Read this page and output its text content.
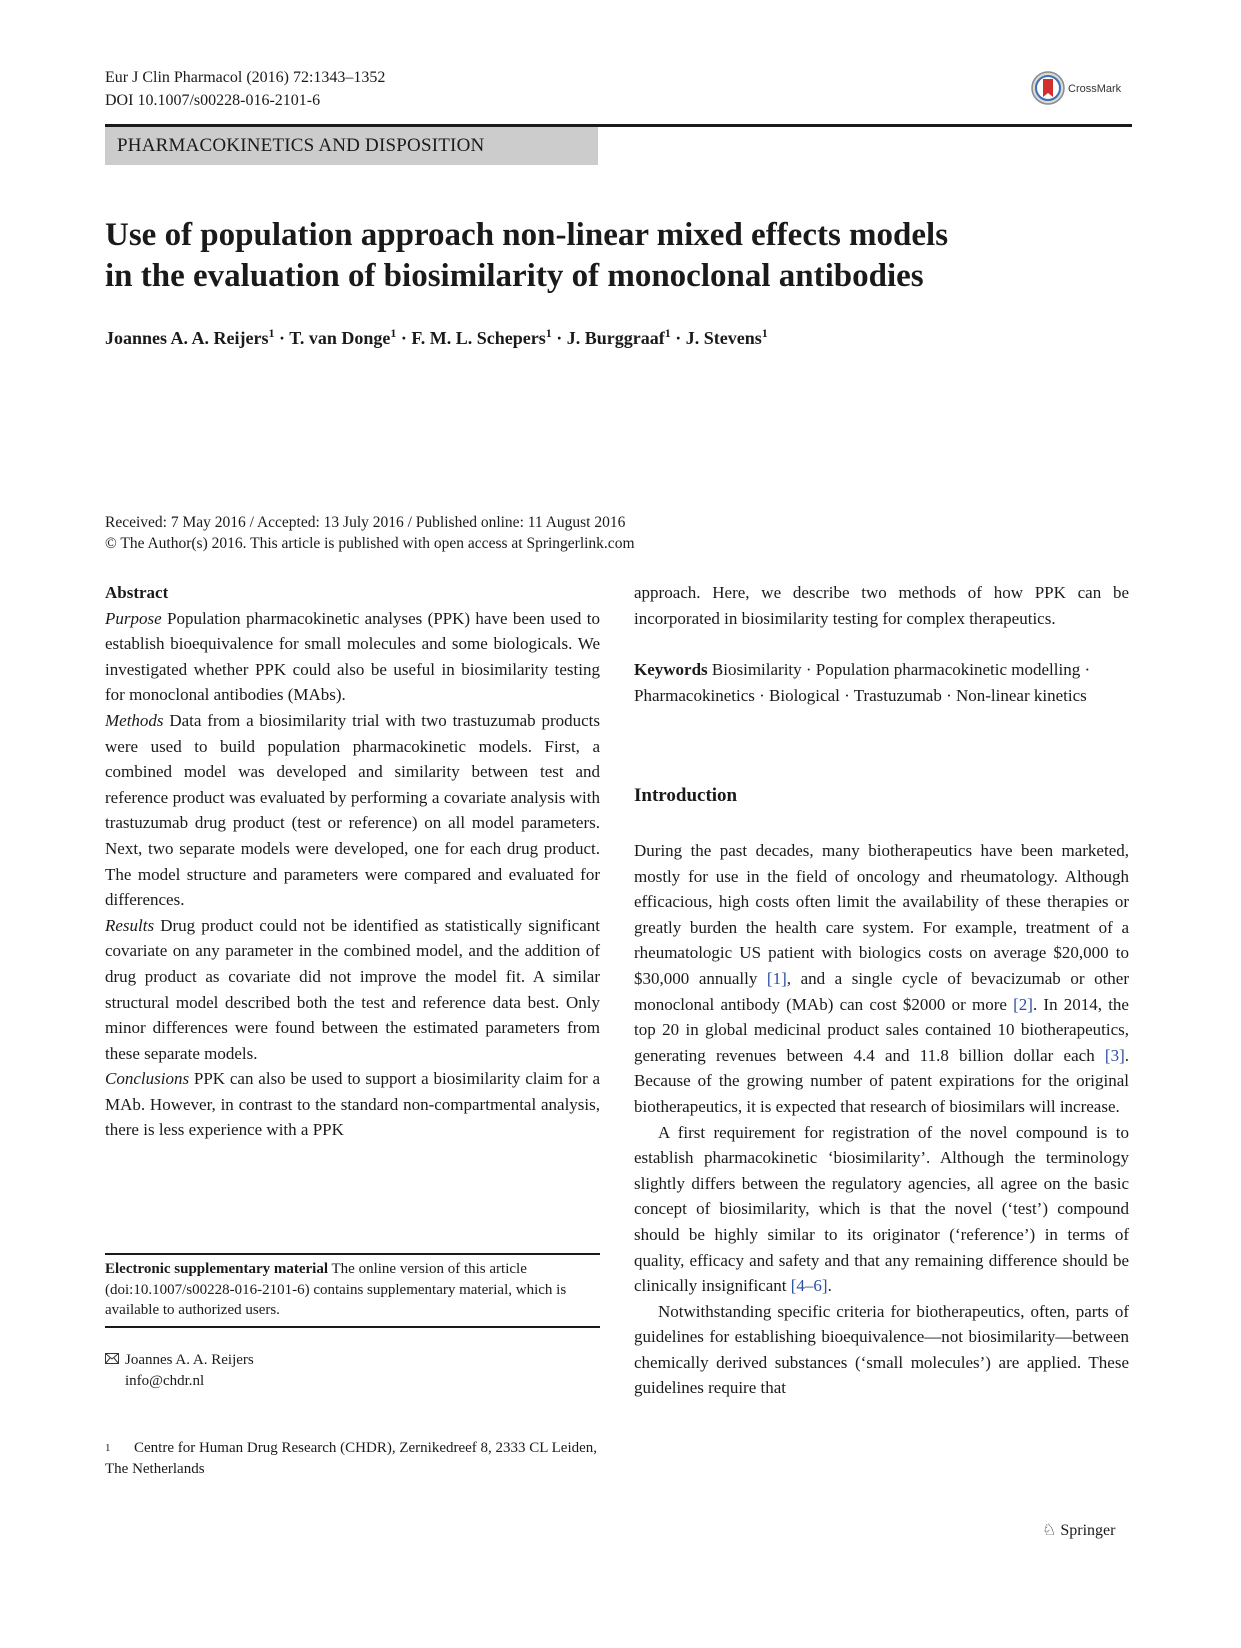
Eur J Clin Pharmacol (2016) 72:1343–1352
DOI 10.1007/s00228-016-2101-6
CrossMark
PHARMACOKINETICS AND DISPOSITION
Use of population approach non-linear mixed effects models
in the evaluation of biosimilarity of monoclonal antibodies
Joannes A. A. Reijers$^1$ · T. van Donge$^1$ · F. M. L. Schepers$^1$ · J. Burggraaf$^1$ · J. Stevens$^1$
Received: 7 May 2016 / Accepted: 13 July 2016 / Published online: 11 August 2016
© The Author(s) 2016. This article is published with open access at Springerlink.com

Abstract

Purpose Population pharmacokinetic analyses (PPK) have been used to establish bioequivalence for small molecules and some biologicals. We investigated whether PPK could also be useful in biosimilarity testing for monoclonal antibodies (MAbs).

Methods Data from a biosimilarity trial with two trastuzumab products were used to build population pharmacokinetic models. First, a combined model was developed and similarity between test and reference product was evaluated by performing a covariate analysis with trastuzumab drug product (test or reference) on all model parameters. Next, two separate models were developed, one for each drug product. The model structure and parameters were compared and evaluated for differences.

Results Drug product could not be identified as statistically significant covariate on any parameter in the combined model, and the addition of drug product as covariate did not improve the model fit. A similar structural model described both the test and reference data best. Only minor differences were found between the estimated parameters from these separate models.

Conclusions PPK can also be used to support a biosimilarity claim for a MAb. However, in contrast to the standard non-compartmental analysis, there is less experience with a PPK

approach. Here, we describe two methods of how PPK can be incorporated in biosimilarity testing for complex therapeutics.

Keywords Biosimilarity · Population pharmacokinetic modelling · Pharmacokinetics · Biological · Trastuzumab · Non-linear kinetics
Introduction

During the past decades, many biotherapeutics have been marketed, mostly for use in the field of oncology and rheumatology. Although efficacious, high costs often limit the availability of these therapies or greatly burden the health care system. For example, treatment of a rheumatologic US patient with biologics costs on average $20,000 to $30,000 annually [1], and a single cycle of bevacizumab or other monoclonal antibody (MAb) can cost $2000 or more [2]. In 2014, the top 20 in global medicinal product sales contained 10 biotherapeutics, generating revenues between 4.4 and 11.8 billion dollar each [3]. Because of the growing number of patent expirations for the original biotherapeutics, it is expected that research of biosimilars will increase.

A first requirement for registration of the novel compound is to establish pharmacokinetic ‘biosimilarity’. Although the terminology slightly differs between the regulatory agencies, all agree on the basic concept of biosimilarity, which is that the novel (‘test’) compound should be highly similar to its originator (‘reference’) in terms of quality, efficacy and safety and that any remaining difference should be clinically insignificant [4–6].

Notwithstanding specific criteria for biotherapeutics, often, parts of guidelines for establishing bioequivalence—not biosimilarity—between chemically derived substances (‘small molecules’) are applied. These guidelines require that

Electronic supplementary material The online version of this article (doi:10.1007/s00228-016-2101-6) contains supplementary material, which is available to authorized users.
Joannes A. A. Reijers
info@chdr.nl
1 Centre for Human Drug Research (CHDR), Zernikedreef 8, 2333 CL Leiden, The Netherlands
♘ Springer
